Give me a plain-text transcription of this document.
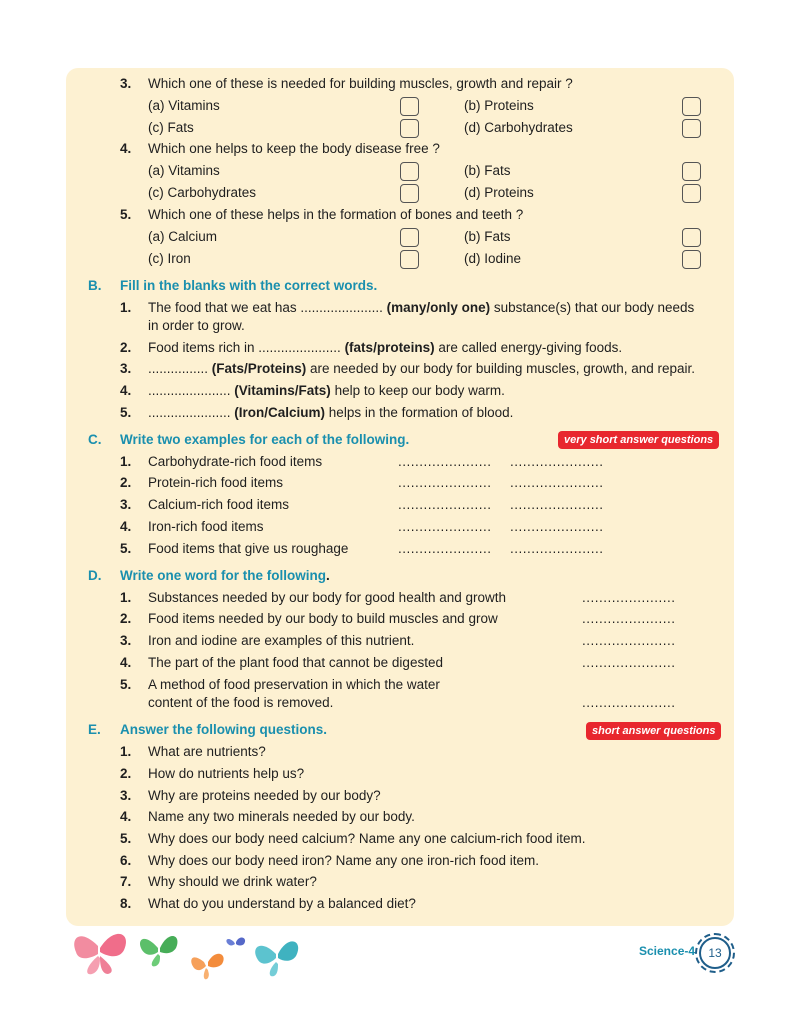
3. Which one of these is needed for building muscles, growth and repair ?
(a) Vitamins	(b) Proteins
(c) Fats	(d) Carbohydrates
4. Which one helps to keep the body disease free ?
(a) Vitamins	(b) Fats
(c) Carbohydrates	(d) Proteins
5. Which one of these helps in the formation of bones and teeth ?
(a) Calcium	(b) Fats
(c) Iron	(d) Iodine
B. Fill in the blanks with the correct words.
1. The food that we eat has ...................... (many/only one) substance(s) that our body needs
in order to grow.
2. Food items rich in ...................... (fats/proteins) are called energy-giving foods.
3. ................ (Fats/Proteins) are needed by our body for building muscles, growth, and repair.
4. ...................... (Vitamins/Fats) help to keep our body warm.
5. ...................... (Iron/Calcium) helps in the formation of blood.
C. Write two examples for each of the following.	very short answer questions
1. Carbohydrate-rich food items	...................... ......................
2. Protein-rich food items	...................... ......................
3. Calcium-rich food items	...................... ......................
4. Iron-rich food items	...................... ......................
5. Food items that give us roughage	...................... ......................
D. Write one word for the following.
1. Substances needed by our body for good health and growth	......................
2. Food items needed by our body to build muscles and grow	......................
3. Iron and iodine are examples of this nutrient.	......................
4. The part of the plant food that cannot be digested	......................
5. A method of food preservation in which the water
content of the food is removed.	......................
E. Answer the following questions.	short answer questions
1. What are nutrients?
2. How do nutrients help us?
3. Why are proteins needed by our body?
4. Name any two minerals needed by our body.
5. Why does our body need calcium? Name any one calcium-rich food item.
6. Why does our body need iron? Name any one iron-rich food item.
7. Why should we drink water?
8. What do you understand by a balanced diet?
Science-4	13
